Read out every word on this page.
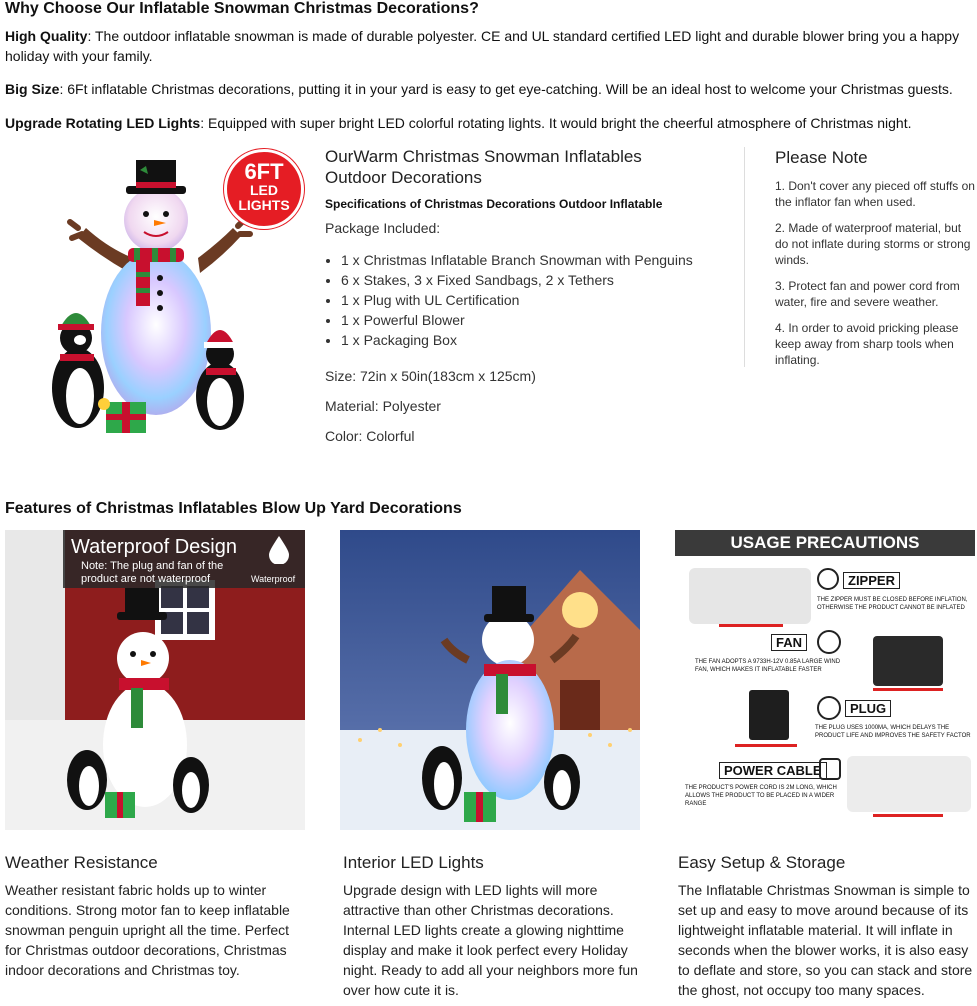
Why Choose Our Inflatable Snowman Christmas Decorations?

High Quality: The outdoor inflatable snowman is made of durable polyester. CE and UL standard certified LED light and durable blower bring you a happy holiday with your family.

Big Size: 6Ft inflatable Christmas decorations, putting it in your yard is easy to get eye-catching. Will be an ideal host to welcome your Christmas guests.

Upgrade Rotating LED Lights: Equipped with super bright LED colorful rotating lights. It would bright the cheerful atmosphere of Christmas night.

6FT
LED
LIGHTS
OurWarm Christmas Snowman Inflatables Outdoor Decorations
Specifications of Christmas Decorations Outdoor Inflatable
Package Included:
• 1 x Christmas Inflatable Branch Snowman with Penguins
• 6 x Stakes, 3 x Fixed Sandbags, 2 x Tethers
• 1 x Plug with UL Certification
• 1 x Powerful Blower
• 1 x Packaging Box
Size: 72in x 50in(183cm x 125cm)
Material: Polyester
Color: Colorful
Please Note
1. Don't cover any pieced off stuffs on the inflator fan when used.
2. Made of waterproof material, but do not inflate during storms or strong winds.
3. Protect fan and power cord from water, fire and severe weather.
4. In order to avoid pricking please keep away from sharp tools when inflating.
Features of Christmas Inflatables Blow Up Yard Decorations
Waterproof Design
Note: The plug and fan of the product are not waterproof	Waterproof
USAGE PRECAUTIONS
ZIPPER
THE ZIPPER MUST BE CLOSED BEFORE INFLATION, OTHERWISE THE PRODUCT CANNOT BE INFLATED
FAN
THE FAN ADOPTS A 9733H-12V 0.85A LARGE WIND FAN, WHICH MAKES IT INFLATABLE FASTER
PLUG
THE PLUG USES 1000MA, WHICH DELAYS THE PRODUCT LIFE AND IMPROVES THE SAFETY FACTOR
POWER CABLE
THE PRODUCT'S POWER CORD IS 2M LONG, WHICH ALLOWS THE PRODUCT TO BE PLACED IN A WIDER RANGE
Weather Resistance
Weather resistant fabric holds up to winter conditions. Strong motor fan to keep inflatable snowman penguin upright all the time. Perfect for Christmas outdoor decorations, Christmas indoor decorations and Christmas toy.
Interior LED Lights
Upgrade design with LED lights will more attractive than other Christmas decorations. Internal LED lights create a glowing nighttime display and make it look perfect every Holiday night. Ready to add all your neighbors more fun over how cute it is.
Easy Setup & Storage
The Inflatable Christmas Snowman is simple to set up and easy to move around because of its lightweight inflatable material. It will inflate in seconds when the blower works, it is also easy to deflate and store, so you can stack and store the ghost, not occupy too many spaces.
